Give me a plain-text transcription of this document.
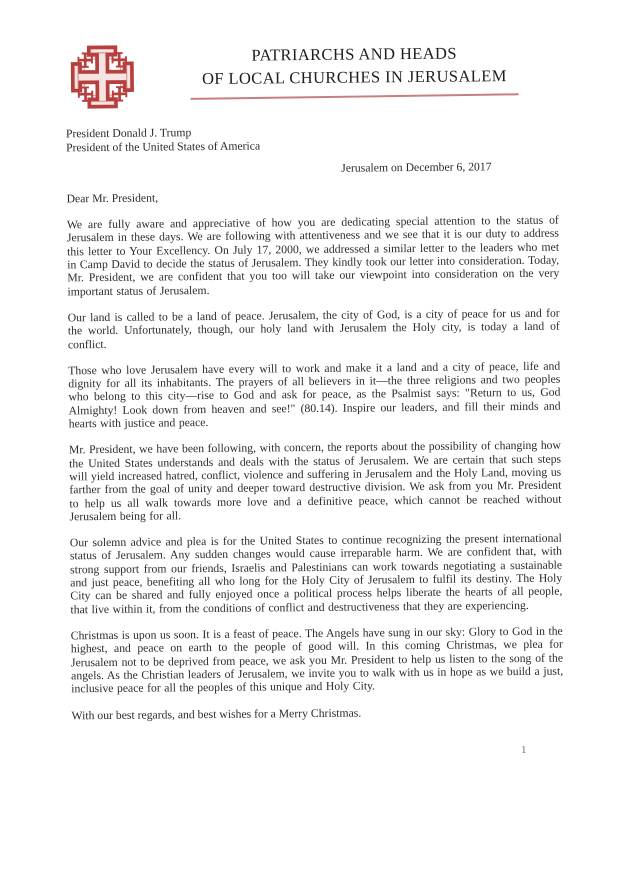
PATRIARCHS AND HEADS
OF LOCAL CHURCHES IN JERUSALEM
President Donald J. Trump
President of the United States of America
Jerusalem on December 6, 2017
Dear Mr. President,

We are fully aware and appreciative of how you are dedicating special attention to the status of Jerusalem in these days. We are following with attentiveness and we see that it is our duty to address this letter to Your Excellency. On July 17, 2000, we addressed a similar letter to the leaders who met in Camp David to decide the status of Jerusalem. They kindly took our letter into consideration. Today, Mr. President, we are confident that you too will take our viewpoint into consideration on the very important status of Jerusalem.

Our land is called to be a land of peace. Jerusalem, the city of God, is a city of peace for us and for the world. Unfortunately, though, our holy land with Jerusalem the Holy city, is today a land of conflict.

Those who love Jerusalem have every will to work and make it a land and a city of peace, life and dignity for all its inhabitants. The prayers of all believers in it—the three religions and two peoples who belong to this city—rise to God and ask for peace, as the Psalmist says: "Return to us, God Almighty! Look down from heaven and see!" (80.14). Inspire our leaders, and fill their minds and hearts with justice and peace.

Mr. President, we have been following, with concern, the reports about the possibility of changing how the United States understands and deals with the status of Jerusalem. We are certain that such steps will yield increased hatred, conflict, violence and suffering in Jerusalem and the Holy Land, moving us farther from the goal of unity and deeper toward destructive division. We ask from you Mr. President to help us all walk towards more love and a definitive peace, which cannot be reached without Jerusalem being for all.

Our solemn advice and plea is for the United States to continue recognizing the present international status of Jerusalem. Any sudden changes would cause irreparable harm. We are confident that, with strong support from our friends, Israelis and Palestinians can work towards negotiating a sustainable and just peace, benefiting all who long for the Holy City of Jerusalem to fulfil its destiny. The Holy City can be shared and fully enjoyed once a political process helps liberate the hearts of all people, that live within it, from the conditions of conflict and destructiveness that they are experiencing.

Christmas is upon us soon. It is a feast of peace. The Angels have sung in our sky: Glory to God in the highest, and peace on earth to the people of good will. In this coming Christmas, we plea for Jerusalem not to be deprived from peace, we ask you Mr. President to help us listen to the song of the angels. As the Christian leaders of Jerusalem, we invite you to walk with us in hope as we build a just, inclusive peace for all the peoples of this unique and Holy City.

With our best regards, and best wishes for a Merry Christmas.
1
